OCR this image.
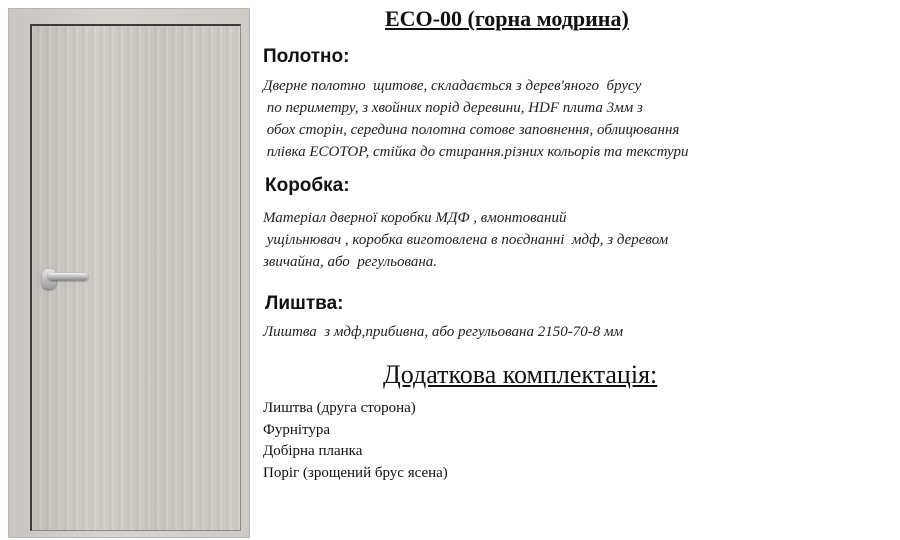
ECO-00 (горна модрина)
Полотно:
Дверне полотно  щитове, складається з дерев'яного  брусу
по периметру, з хвойних порід деревини, HDF плита 3мм з
обох сторін, середина полотна сотове заповнення, облицювання
плівка ECOTOP, стійка до стирання.різних кольорів та текстури
Коробка:
Матеріал дверної коробки МДФ , вмонтований
ущільнювач , коробка виготовлена в поєднанні  мдф, з деревом
звичайна, або  регульована.
Лиштва:
Лиштва  з мдф,прибивна, або регульована 2150-70-8 мм
Додаткова комплектація:
Лиштва (друга сторона)
Фурнітура
Добірна планка
Поріг (зрощений брус ясена)
